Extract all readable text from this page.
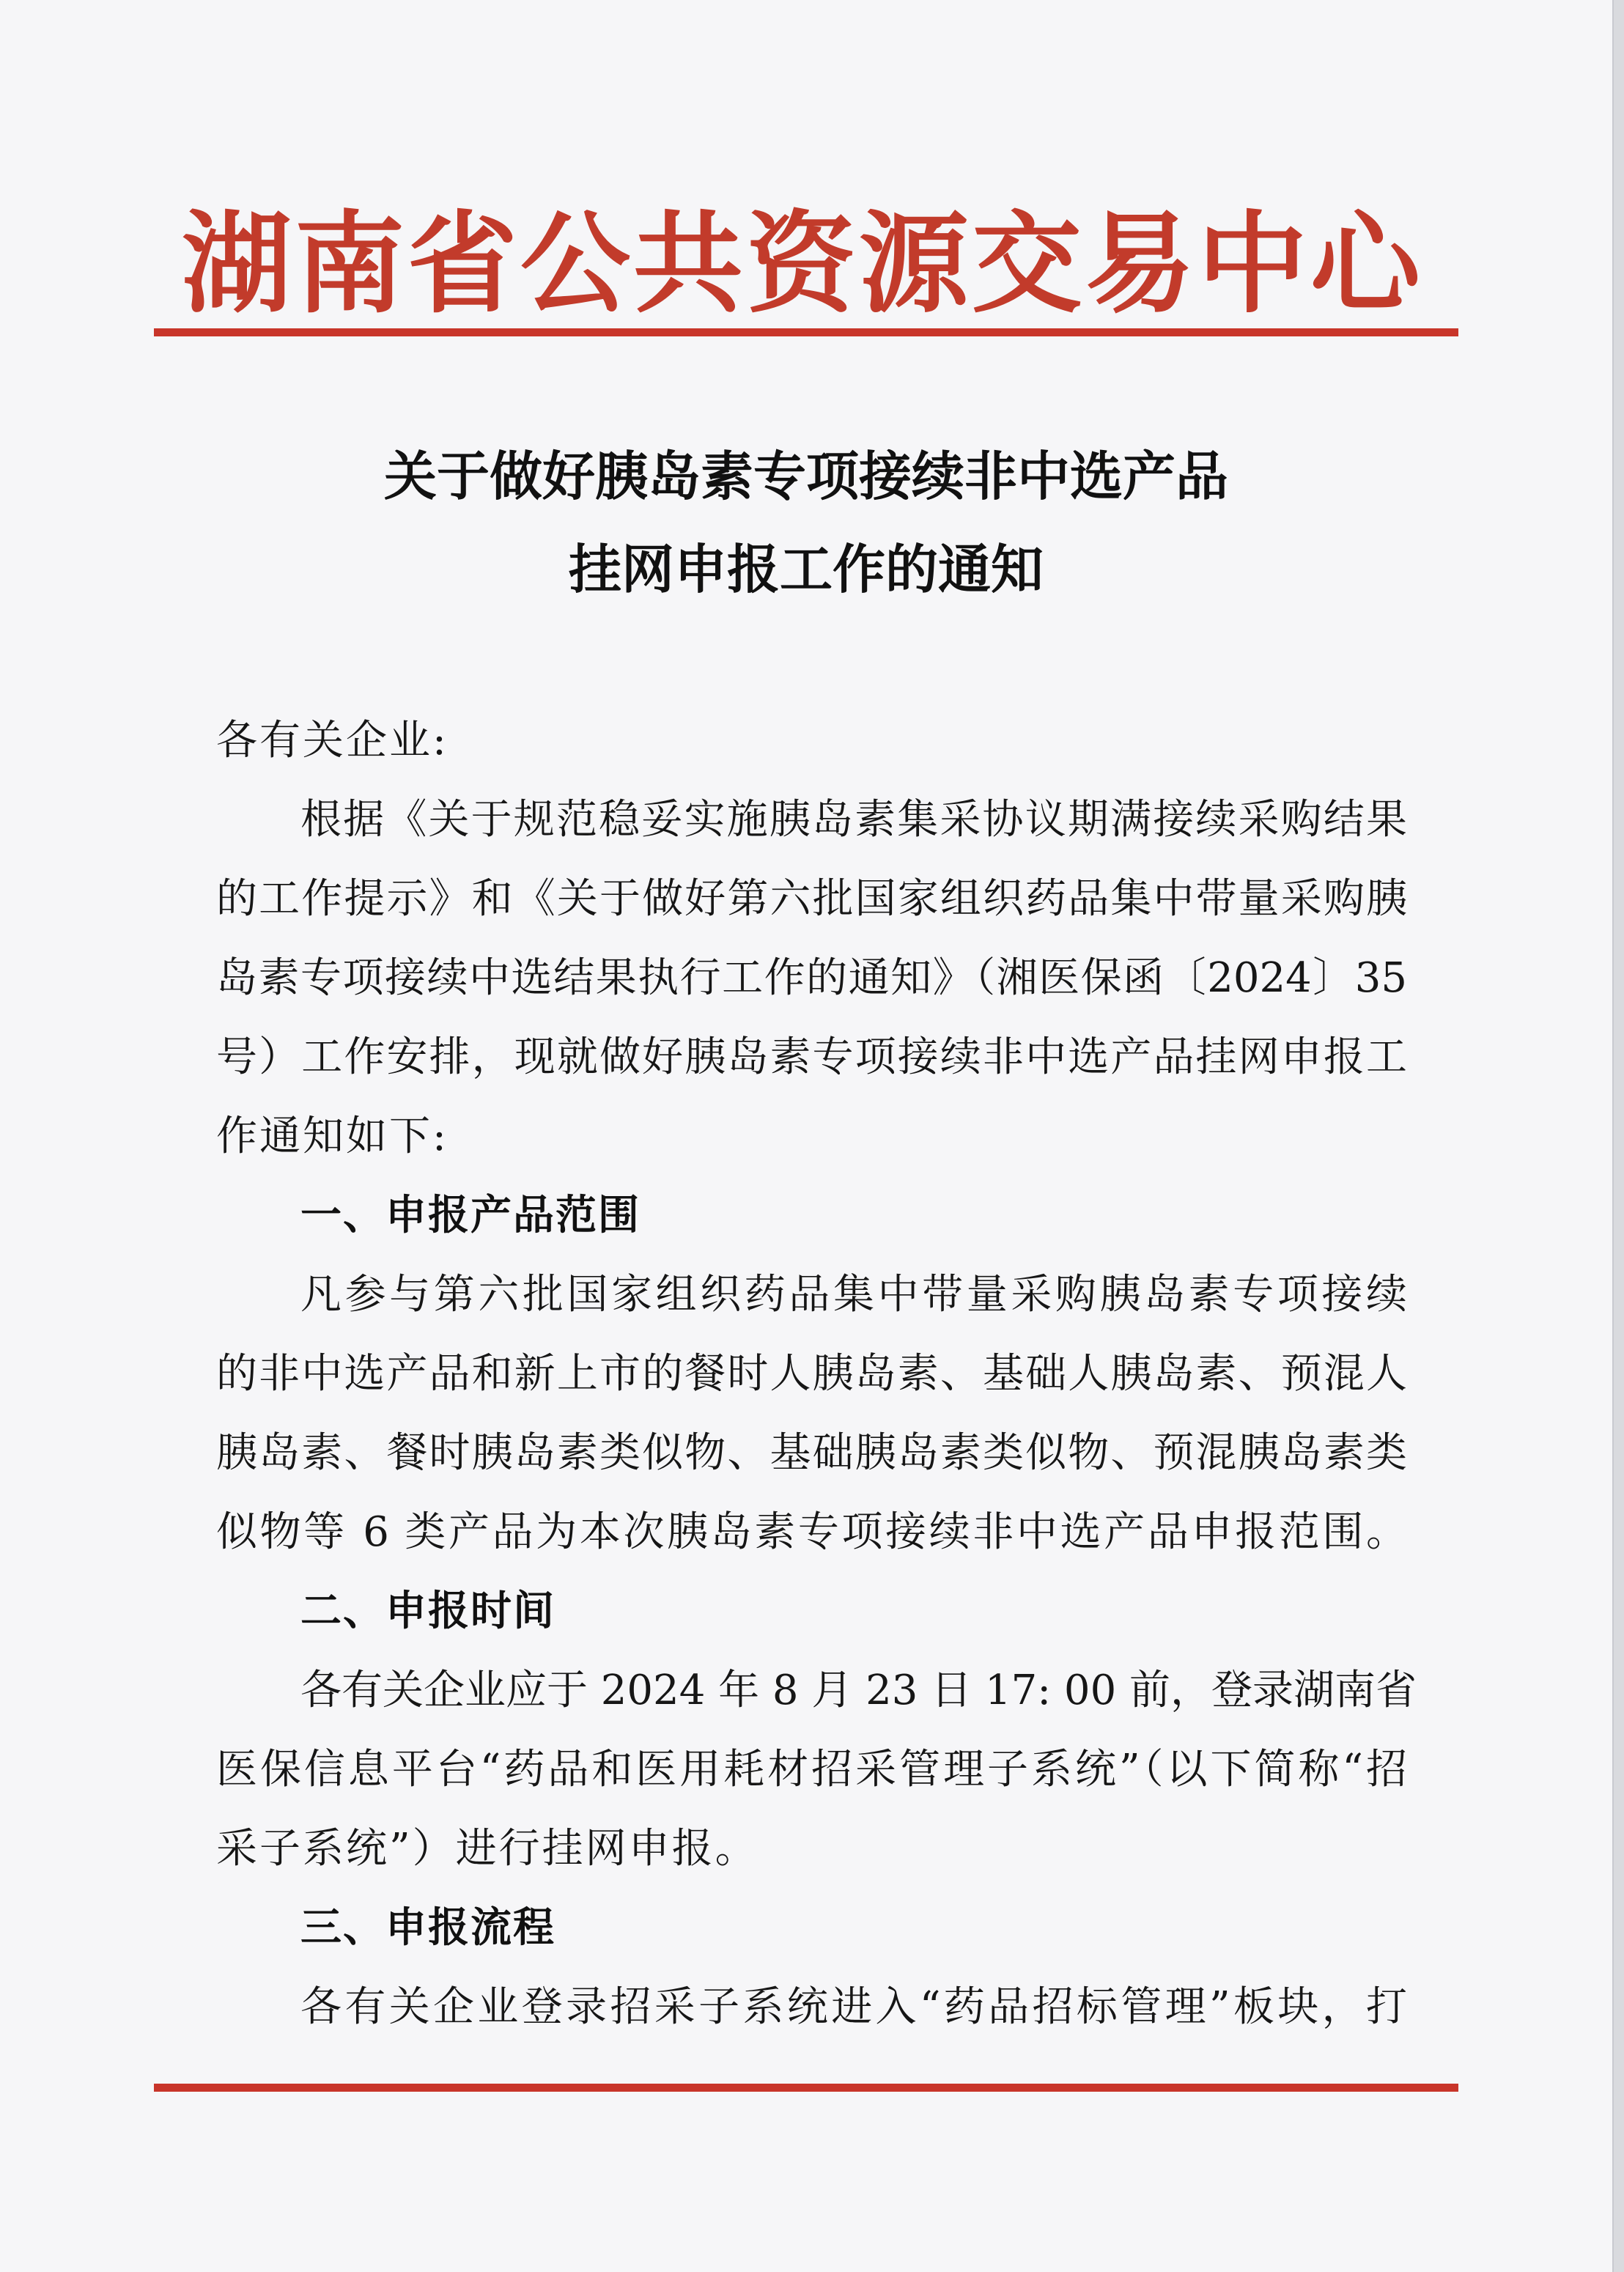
湖南省公共资源交易中心
关于做好胰岛素专项接续非中选产品
挂网申报工作的通知
各有关企业:
根据《关于规范稳妥实施胰岛素集采协议期满接续采购结果
的工作提示》和《关于做好第六批国家组织药品集中带量采购胰
岛素专项接续中选结果执行工作的通知》（湘医保函〔2024〕35
号）工作安排，现就做好胰岛素专项接续非中选产品挂网申报工
作通知如下:
一、申报产品范围
凡参与第六批国家组织药品集中带量采购胰岛素专项接续
的非中选产品和新上市的餐时人胰岛素、基础人胰岛素、预混人
胰岛素、餐时胰岛素类似物、基础胰岛素类似物、预混胰岛素类
似物等 6 类产品为本次胰岛素专项接续非中选产品申报范围。
二、申报时间
各有关企业应于 2024 年 8 月 23 日 17: 00 前，登录湖南省
医保信息平台“药品和医用耗材招采管理子系统”（以下简称“招
采子系统”）进行挂网申报。
三、申报流程
各有关企业登录招采子系统进入“药品招标管理”板块，打
